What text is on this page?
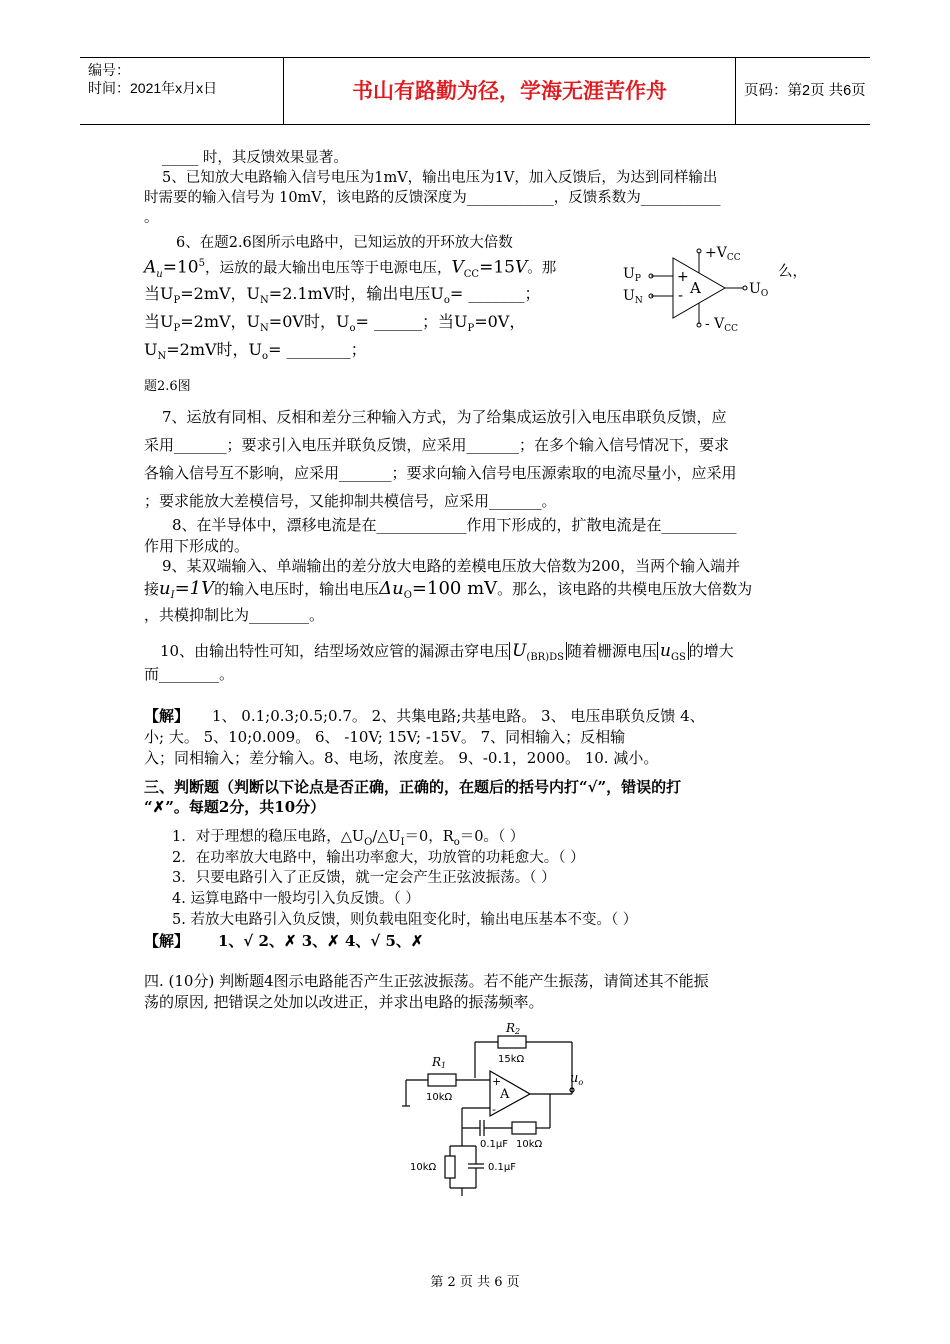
编号：
时间：2021年x月x日	书山有路勤为径，学海无涯苦作舟	页码：第2页 共6页
_____ 时，其反馈效果显著。
5、已知放大电路输入信号电压为1mV，输出电压为1V，加入反馈后，为达到同样输出
时需要的输入信号为 10mV，该电路的反馈深度为____________，反馈系数为___________
。
6、在题2.6图所示电路中，已知运放的开环放大倍数
$A_u=10^5$，运放的最大输出电压等于电源电压，$V_{CC}=15V$。那	么，
当$U_P=2mV$，$U_N=2.1mV$时，输出电压$U_o=$ _______；
当$U_P=2mV$，$U_N=0V$时，$U_o=$ ______；当$U_P=0V$，
$U_N=2mV$时，$U_o=$ ________；
$+V_{CC}$
- $V_{CC}$
$U_P$
$U_N$
+
- A	$U_O$
题2.6图
7、运放有同相、反相和差分三种输入方式，为了给集成运放引入电压串联负反馈，应
采用_______；要求引入电压并联负反馈，应采用_______；在多个输入信号情况下，要求
各输入信号互不影响，应采用_______；要求向输入信号电压源索取的电流尽量小，应采用
；要求能放大差模信号，又能抑制共模信号，应采用_______。
8、在半导体中，漂移电流是在____________作用下形成的，扩散电流是在__________
作用下形成的。
9、某双端输入、单端输出的差分放大电路的差模电压放大倍数为200，当两个输入端并
接$u_I=1V$的输入电压时，输出电压$\Delta u_O=100$ mV。那么，该电路的共模电压放大倍数为
，共模抑制比为________。
10、由输出特性可知，结型场效应管的漏源击穿电压 $U_{(BR)DS}$ 随着栅源电压 $u_{GS}$ 的增大
而________。
【解】 1、 0.1;0.3;0.5;0.7。 2、共集电路;共基电路。 3、 电压串联负反馈 4、
小; 大。 5、10;0.009。 6、 -10V; 15V; -15V。 7、同相输入；反相输
入；同相输入；差分输入。8、电场，浓度差。 9、-0.1，2000。 10. 减小。
三、判断题（判断以下论点是否正确，正确的，在题后的括号内打“√”，错误的打
“✗”。每题2分，共10分）
1．对于理想的稳压电路，$\triangle U_O/\triangle U_I=0$，$R_o=0$。（ ）
2．在功率放大电路中，输出功率愈大，功放管的功耗愈大。（ ）
3．只要电路引入了正反馈，就一定会产生正弦波振荡。（ ）
4. 运算电路中一般均引入负反馈。（ ）
5. 若放大电路引入负反馈，则负载电阻变化时，输出电压基本不变。（ ）
【解】 1、√ 2、✗ 3、✗ 4、√ 5、✗
四. (10分) 判断题4图示电路能否产生正弦波振荡。若不能产生振荡，请简述其不能振
荡的原因, 把错误之处加以改进正，并求出电路的振荡频率。
R2
15kΩ
R1
10kΩ
+
-
A
$u_o$
0.1μF 10kΩ
10kΩ	0.1μF
第 2 页 共 6 页
